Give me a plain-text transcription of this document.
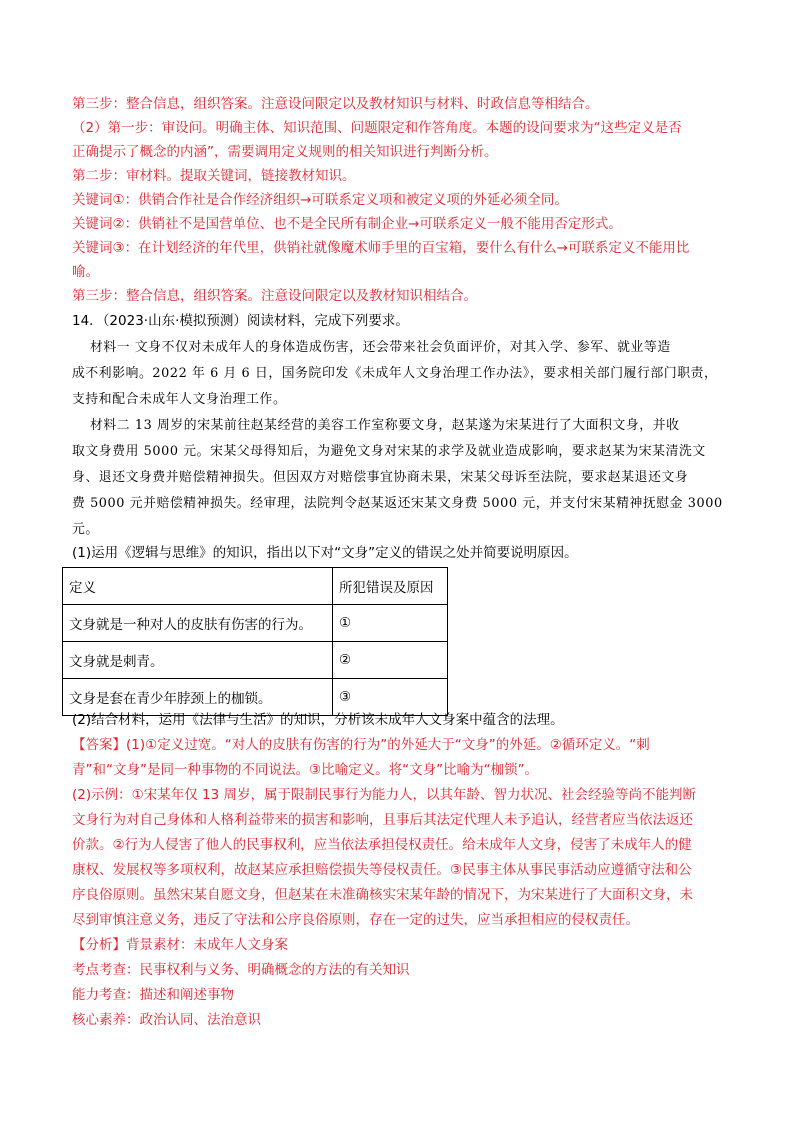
第三步：整合信息，组织答案。注意设问限定以及教材知识与材料、时政信息等相结合。

（2）第一步：审设问。明确主体、知识范围、问题限定和作答角度。本题的设问要求为“这些定义是否

正确提示了概念的内涵”，需要调用定义规则的相关知识进行判断分析。

第二步：审材料。提取关键词，链接教材知识。

关键词①：供销合作社是合作经济组织→可联系定义项和被定义项的外延必须全同。

关键词②：供销社不是国营单位、也不是全民所有制企业→可联系定义一般不能用否定形式。

关键词③：在计划经济的年代里，供销社就像魔术师手里的百宝箱，要什么有什么→可联系定义不能用比

喻。

第三步：整合信息，组织答案。注意设问限定以及教材知识相结合。

14．（2023·山东·模拟预测）阅读材料，完成下列要求。

材料一 文身不仅对未成年人的身体造成伤害，还会带来社会负面评价，对其入学、参军、就业等造

成不利影响。2022 年 6 月 6 日，国务院印发《未成年人文身治理工作办法》，要求相关部门履行部门职责，

支持和配合未成年人文身治理工作。

材料二 13 周岁的宋某前往赵某经营的美容工作室称要文身，赵某遂为宋某进行了大面积文身，并收

取文身费用 5000 元。宋某父母得知后，为避免文身对宋某的求学及就业造成影响，要求赵某为宋某清洗文

身、退还文身费并赔偿精神损失。但因双方对赔偿事宜协商未果，宋某父母诉至法院，要求赵某退还文身

费 5000 元并赔偿精神损失。经审理，法院判令赵某返还宋某文身费 5000 元，并支付宋某精神抚慰金 3000

元。

(1)运用《逻辑与思维》的知识，指出以下对“文身”定义的错误之处并简要说明原因。

定义	所犯错误及原因
文身就是一种对人的皮肤有伤害的行为。	①
文身就是刺青。	②
文身是套在青少年脖颈上的枷锁。	③

(2)结合材料，运用《法律与生活》的知识，分析该未成年人文身案中蕴含的法理。

【答案】(1)①定义过宽。“对人的皮肤有伤害的行为”的外延大于“文身”的外延。②循环定义。“刺

青”和“文身”是同一种事物的不同说法。③比喻定义。将“文身”比喻为“枷锁”。

(2)示例：①宋某年仅 13 周岁，属于限制民事行为能力人，以其年龄、智力状况、社会经验等尚不能判断

文身行为对自己身体和人格利益带来的损害和影响，且事后其法定代理人未予追认，经营者应当依法返还

价款。②行为人侵害了他人的民事权利，应当依法承担侵权责任。给未成年人文身，侵害了未成年人的健

康权、发展权等多项权利，故赵某应承担赔偿损失等侵权责任。③民事主体从事民事活动应遵循守法和公

序良俗原则。虽然宋某自愿文身，但赵某在未准确核实宋某年龄的情况下，为宋某进行了大面积文身，未

尽到审慎注意义务，违反了守法和公序良俗原则，存在一定的过失，应当承担相应的侵权责任。

【分析】背景素材：未成年人文身案

考点考查：民事权利与义务、明确概念的方法的有关知识

能力考查：描述和阐述事物

核心素养：政治认同、法治意识
